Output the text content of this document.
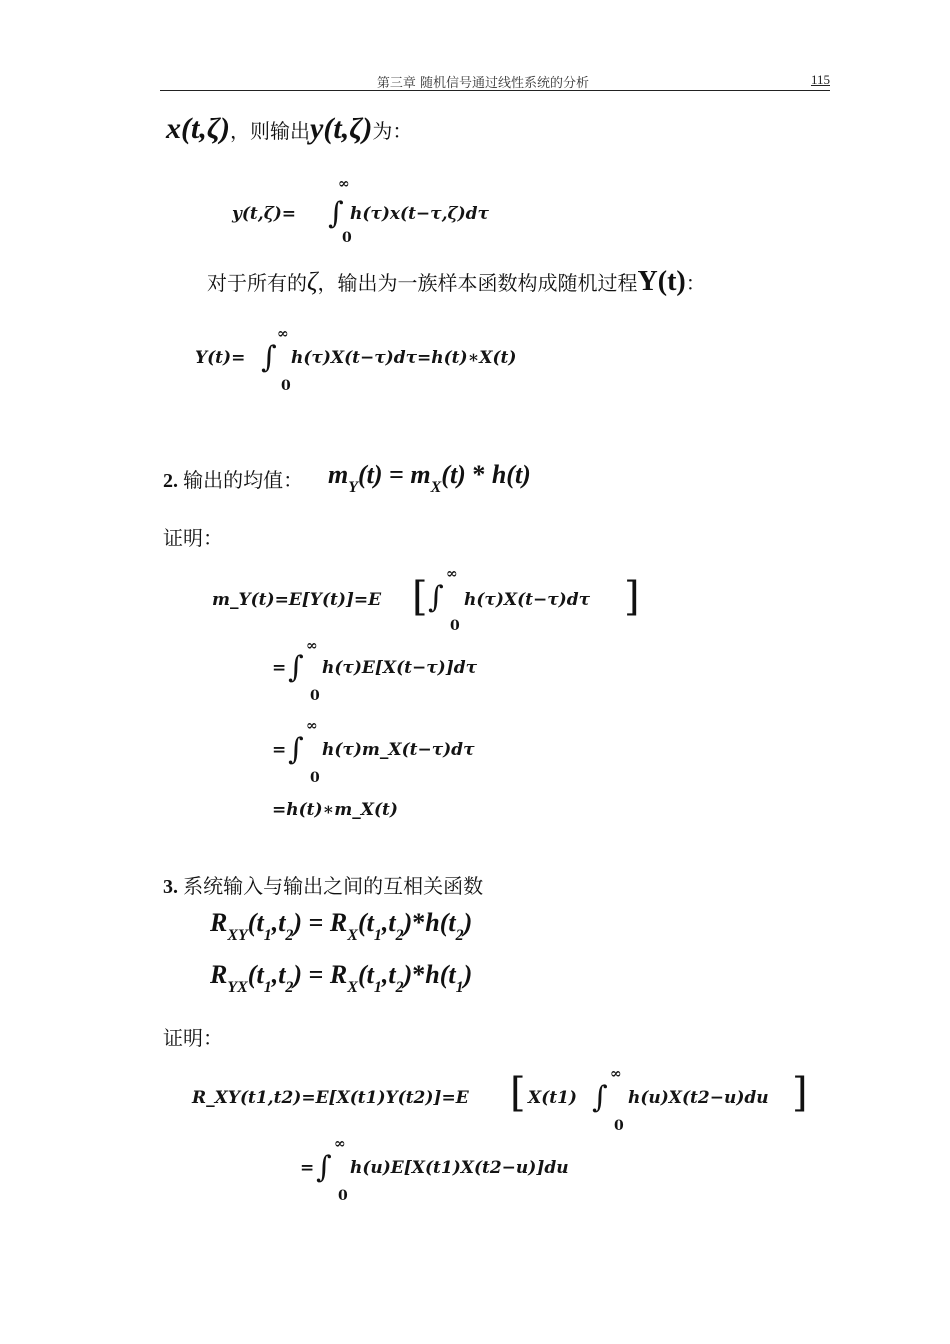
第三章 随机信号通过线性系统的分析	115
x(t,ζ)，则输出y(t,ζ)为：
y(t,ζ)= ∫
∞
0
h(τ)x(t−τ,ζ)dτ
对于所有的ζ，输出为一族样本函数构成随机过程Y(t)：
Y(t)= ∫
∞
0
h(τ)X(t−τ)dτ=h(t)∗X(t)
2. 输出的均值： $m_Y(t) = m_X(t) * h(t)$
证明：
m_Y(t)=E[Y(t)]=E [ ∫
∞
0
h(τ)X(t−τ)dτ ]
= ∫
∞
0
h(τ)E[X(t−τ)]dτ
= ∫
∞
0
h(τ)m_X(t−τ)dτ
=h(t)∗m_X(t)
3. 系统输入与输出之间的互相关函数
$R_{XY}(t_1,t_2) = R_X(t_1,t_2)*h(t_2)$
$R_{YX}(t_1,t_2) = R_X(t_1,t_2)*h(t_1)$
证明：
R_XY(t1,t2)=E[X(t1)Y(t2)]=E [ X(t1) ∫
∞
0
h(u)X(t2−u)du ]
= ∫
∞
0
h(u)E[X(t1)X(t2−u)]du
